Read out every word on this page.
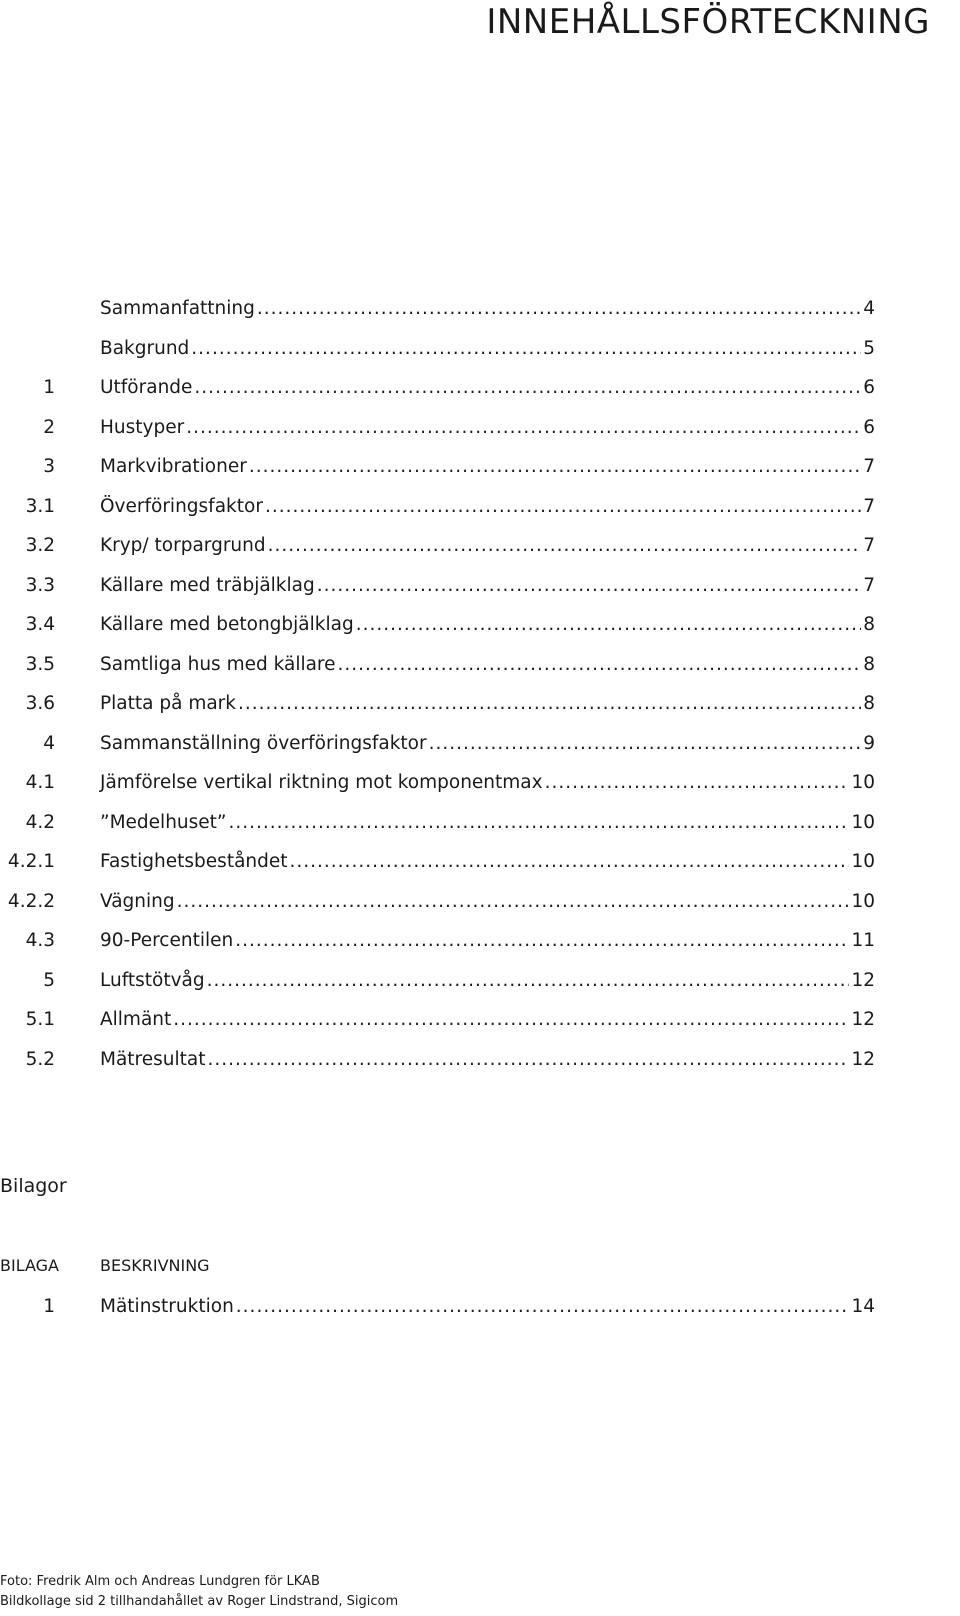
INNEHÅLLSFÖRTECKNING
Sammanfattning .....	4
Bakgrund .....	5
1 Utförande .....	6
2 Hustyper .....	6
3 Markvibrationer .....	7
3.1 Överföringsfaktor .....	7
3.2 Kryp/ torpargrund .....	7
3.3 Källare med träbjälklag .....	7
3.4 Källare med betongbjälklag .....	8
3.5 Samtliga hus med källare .....	8
3.6 Platta på mark .....	8
4 Sammanställning överföringsfaktor .....	9
4.1 Jämförelse vertikal riktning mot komponentmax .....	10
4.2 ”Medelhuset” .....	10
4.2.1 Fastighetsbeståndet .....	10
4.2.2 Vägning .....	10
4.3 90-Percentilen .....	11
5 Luftstötvåg .....	12
5.1 Allmänt .....	12
5.2 Mätresultat .....	12
Bilagor
BILAGA	BESKRIVNING
1 Mätinstruktion .....	14
Foto: Fredrik Alm och Andreas Lundgren för LKAB
Bildkollage sid 2 tillhandahållet av Roger Lindstrand, Sigicom
